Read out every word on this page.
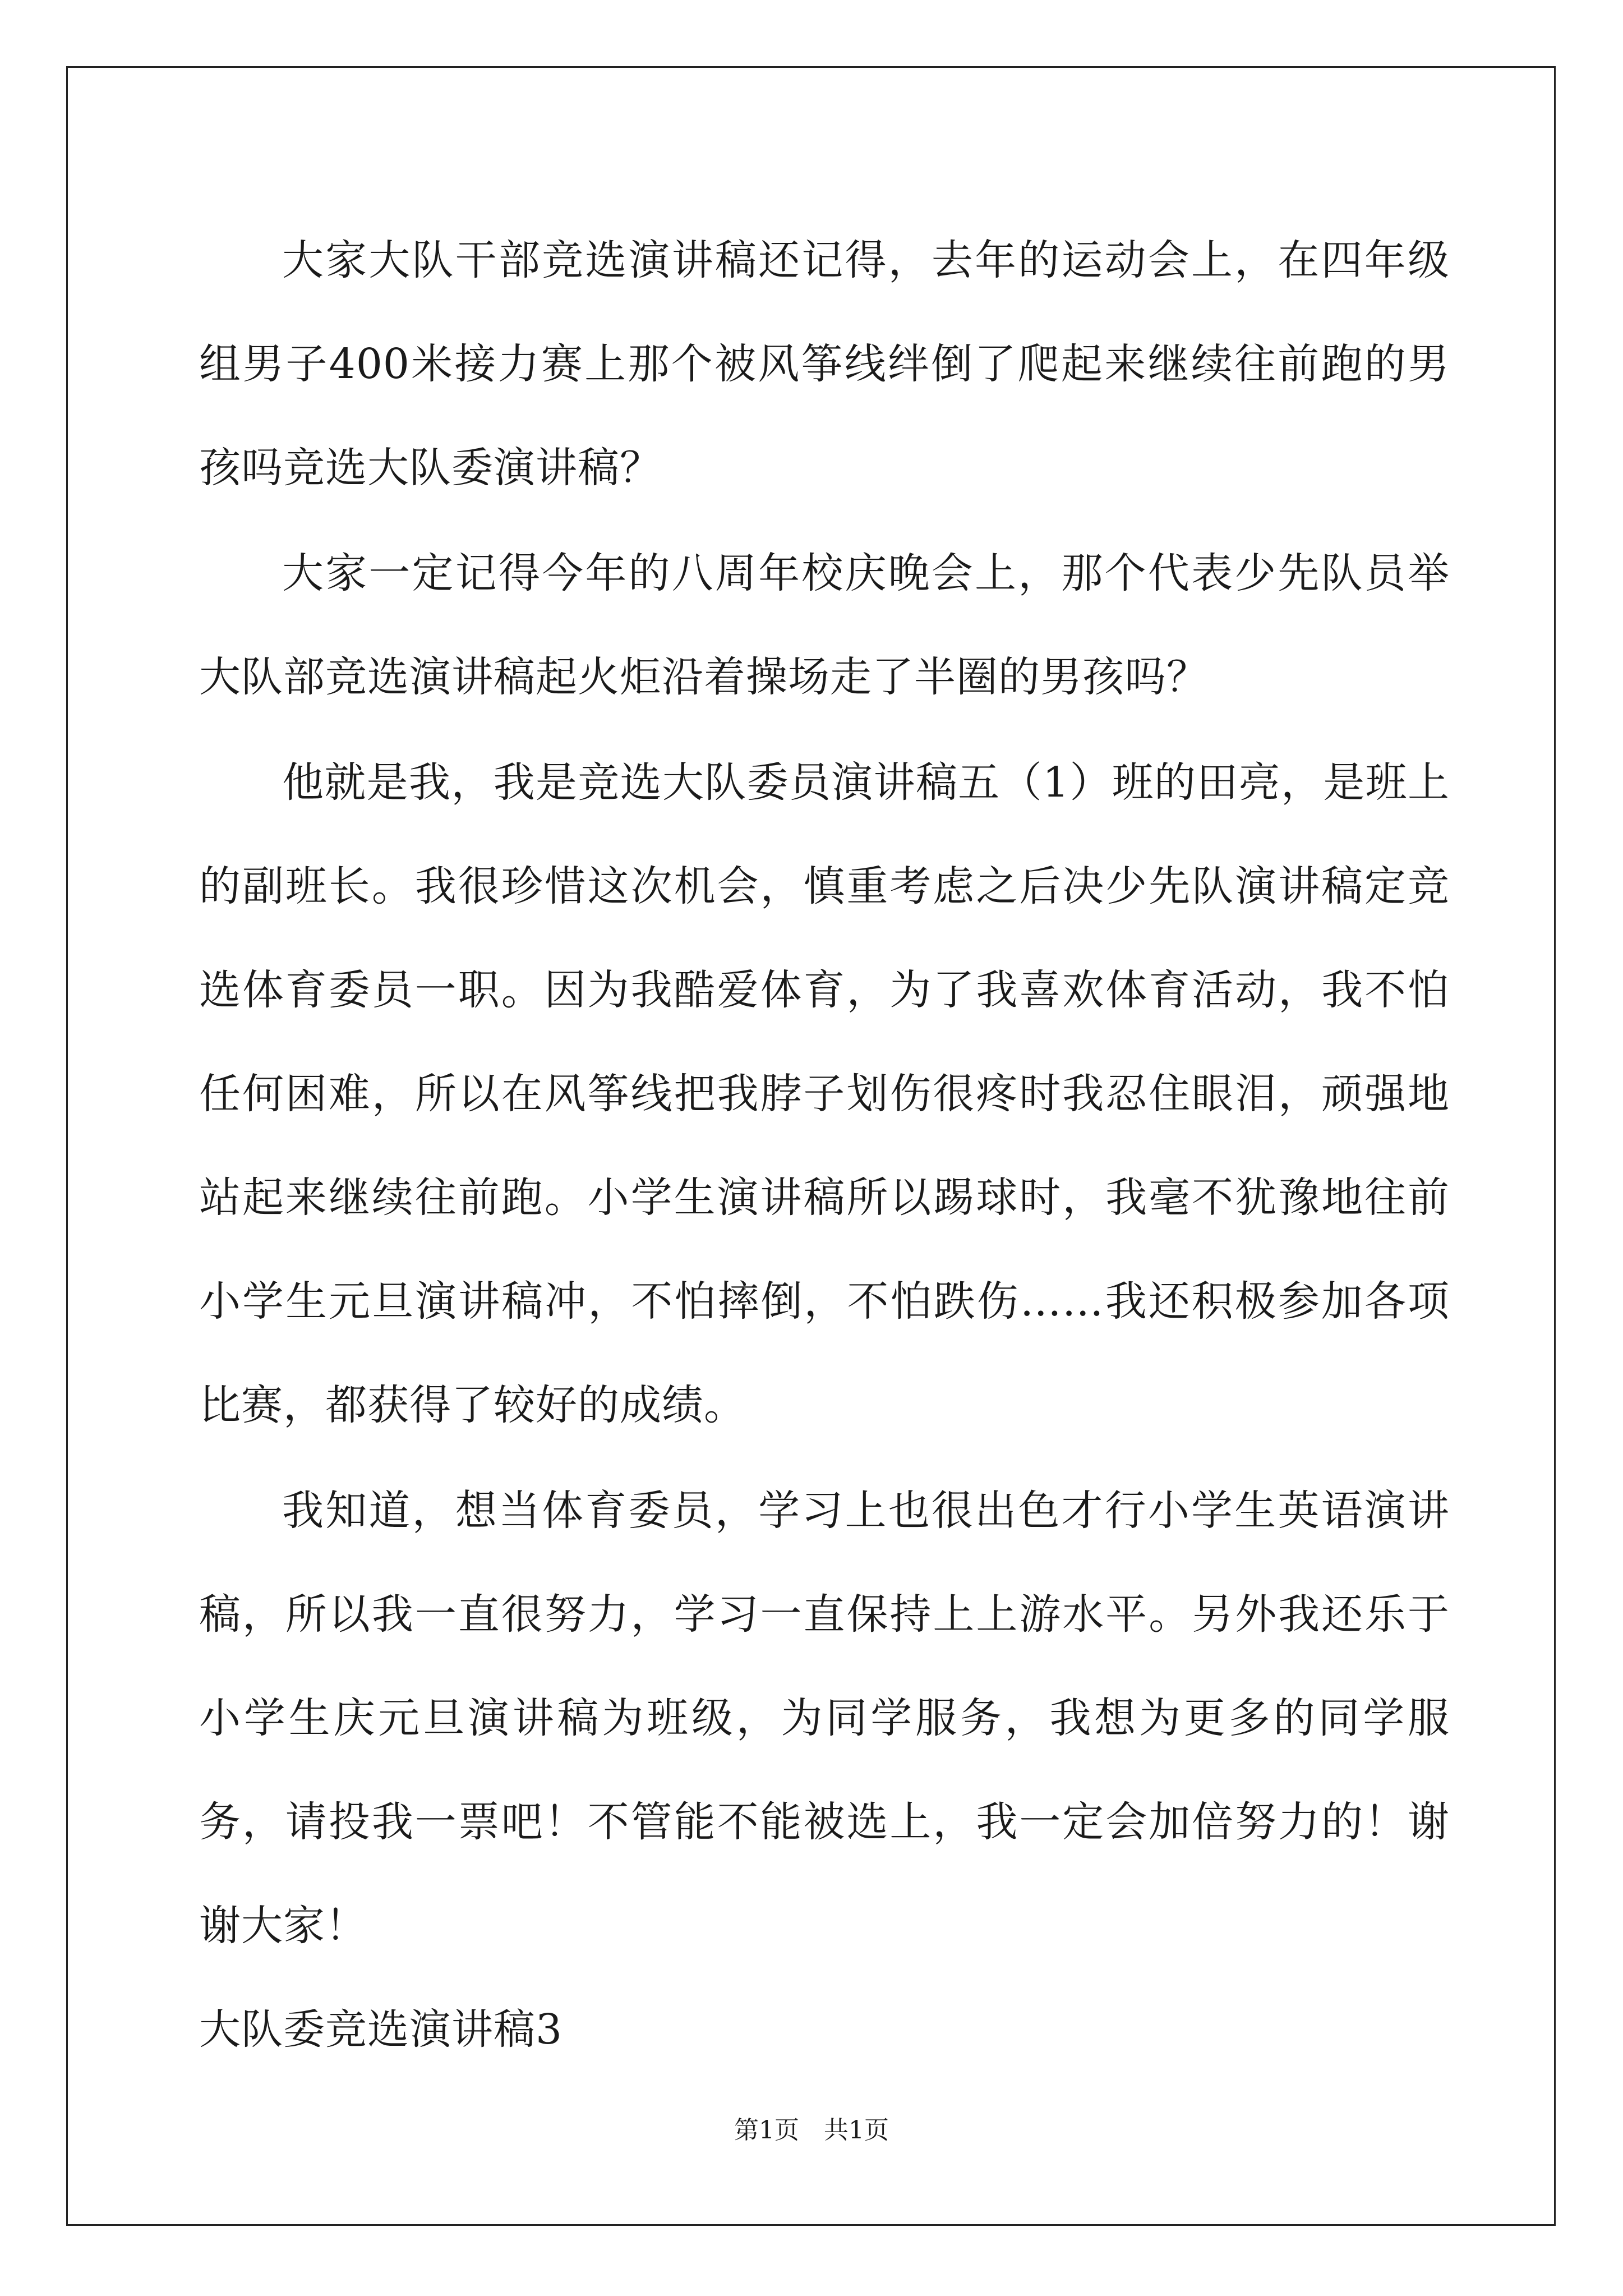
大家大队干部竞选演讲稿还记得，去年的运动会上，在四年级组男子400米接力赛上那个被风筝线绊倒了爬起来继续往前跑的男孩吗竞选大队委演讲稿？

大家一定记得今年的八周年校庆晚会上，那个代表少先队员举大队部竞选演讲稿起火炬沿着操场走了半圈的男孩吗？

他就是我，我是竞选大队委员演讲稿五（1）班的田亮，是班上的副班长。我很珍惜这次机会，慎重考虑之后决少先队演讲稿定竞选体育委员一职。因为我酷爱体育，为了我喜欢体育活动，我不怕任何困难，所以在风筝线把我脖子划伤很疼时我忍住眼泪，顽强地站起来继续往前跑。小学生演讲稿所以踢球时，我毫不犹豫地往前小学生元旦演讲稿冲，不怕摔倒，不怕跌伤……我还积极参加各项比赛，都获得了较好的成绩。

我知道，想当体育委员，学习上也很出色才行小学生英语演讲稿，所以我一直很努力，学习一直保持上上游水平。另外我还乐于小学生庆元旦演讲稿为班级，为同学服务，我想为更多的同学服务，请投我一票吧！不管能不能被选上，我一定会加倍努力的！谢谢大家！

大队委竞选演讲稿3

第1页　共1页
